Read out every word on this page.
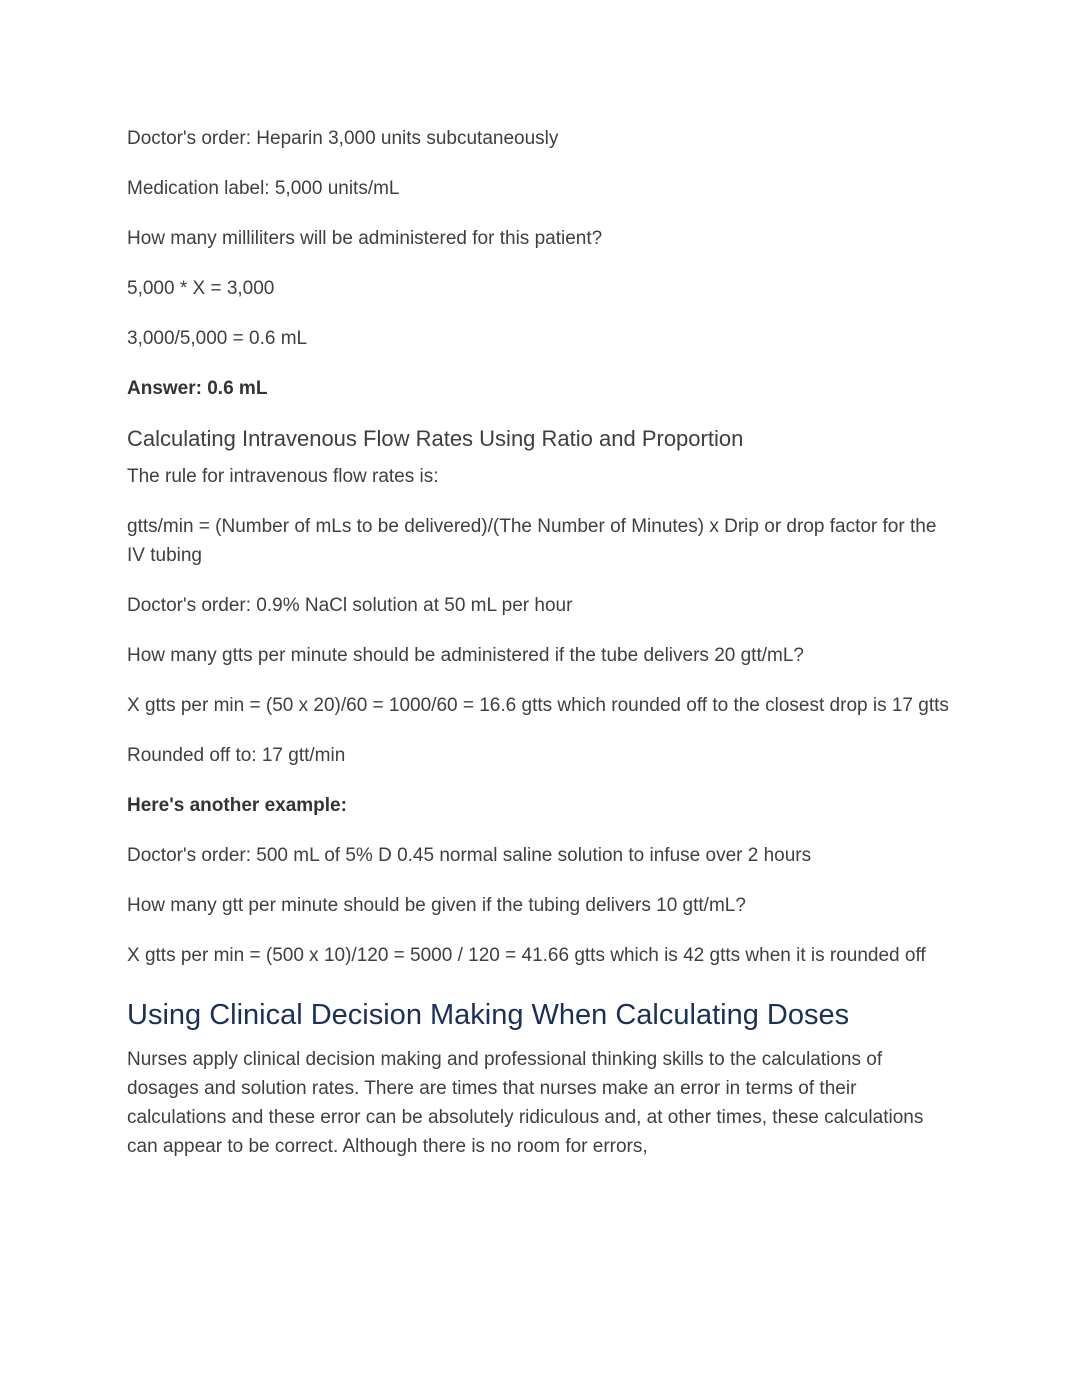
Doctor's order: Heparin 3,000 units subcutaneously

Medication label: 5,000 units/mL

How many milliliters will be administered for this patient?

5,000 * X = 3,000

3,000/5,000 = 0.6 mL

Answer: 0.6 mL

Calculating Intravenous Flow Rates Using Ratio and Proportion

The rule for intravenous flow rates is:

gtts/min = (Number of mLs to be delivered)/(The Number of Minutes) x Drip or drop factor for the IV tubing

Doctor's order: 0.9% NaCl solution at 50 mL per hour

How many gtts per minute should be administered if the tube delivers 20 gtt/mL?

X gtts per min = (50 x 20)/60 = 1000/60 = 16.6 gtts which rounded off to the closest drop is 17 gtts

Rounded off to: 17 gtt/min

Here's another example:

Doctor's order: 500 mL of 5% D 0.45 normal saline solution to infuse over 2 hours

How many gtt per minute should be given if the tubing delivers 10 gtt/mL?

X gtts per min = (500 x 10)/120 = 5000 / 120 = 41.66 gtts which is 42 gtts when it is rounded off

Using Clinical Decision Making When Calculating Doses

Nurses apply clinical decision making and professional thinking skills to the calculations of dosages and solution rates. There are times that nurses make an error in terms of their calculations and these error can be absolutely ridiculous and, at other times, these calculations can appear to be correct. Although there is no room for errors,
